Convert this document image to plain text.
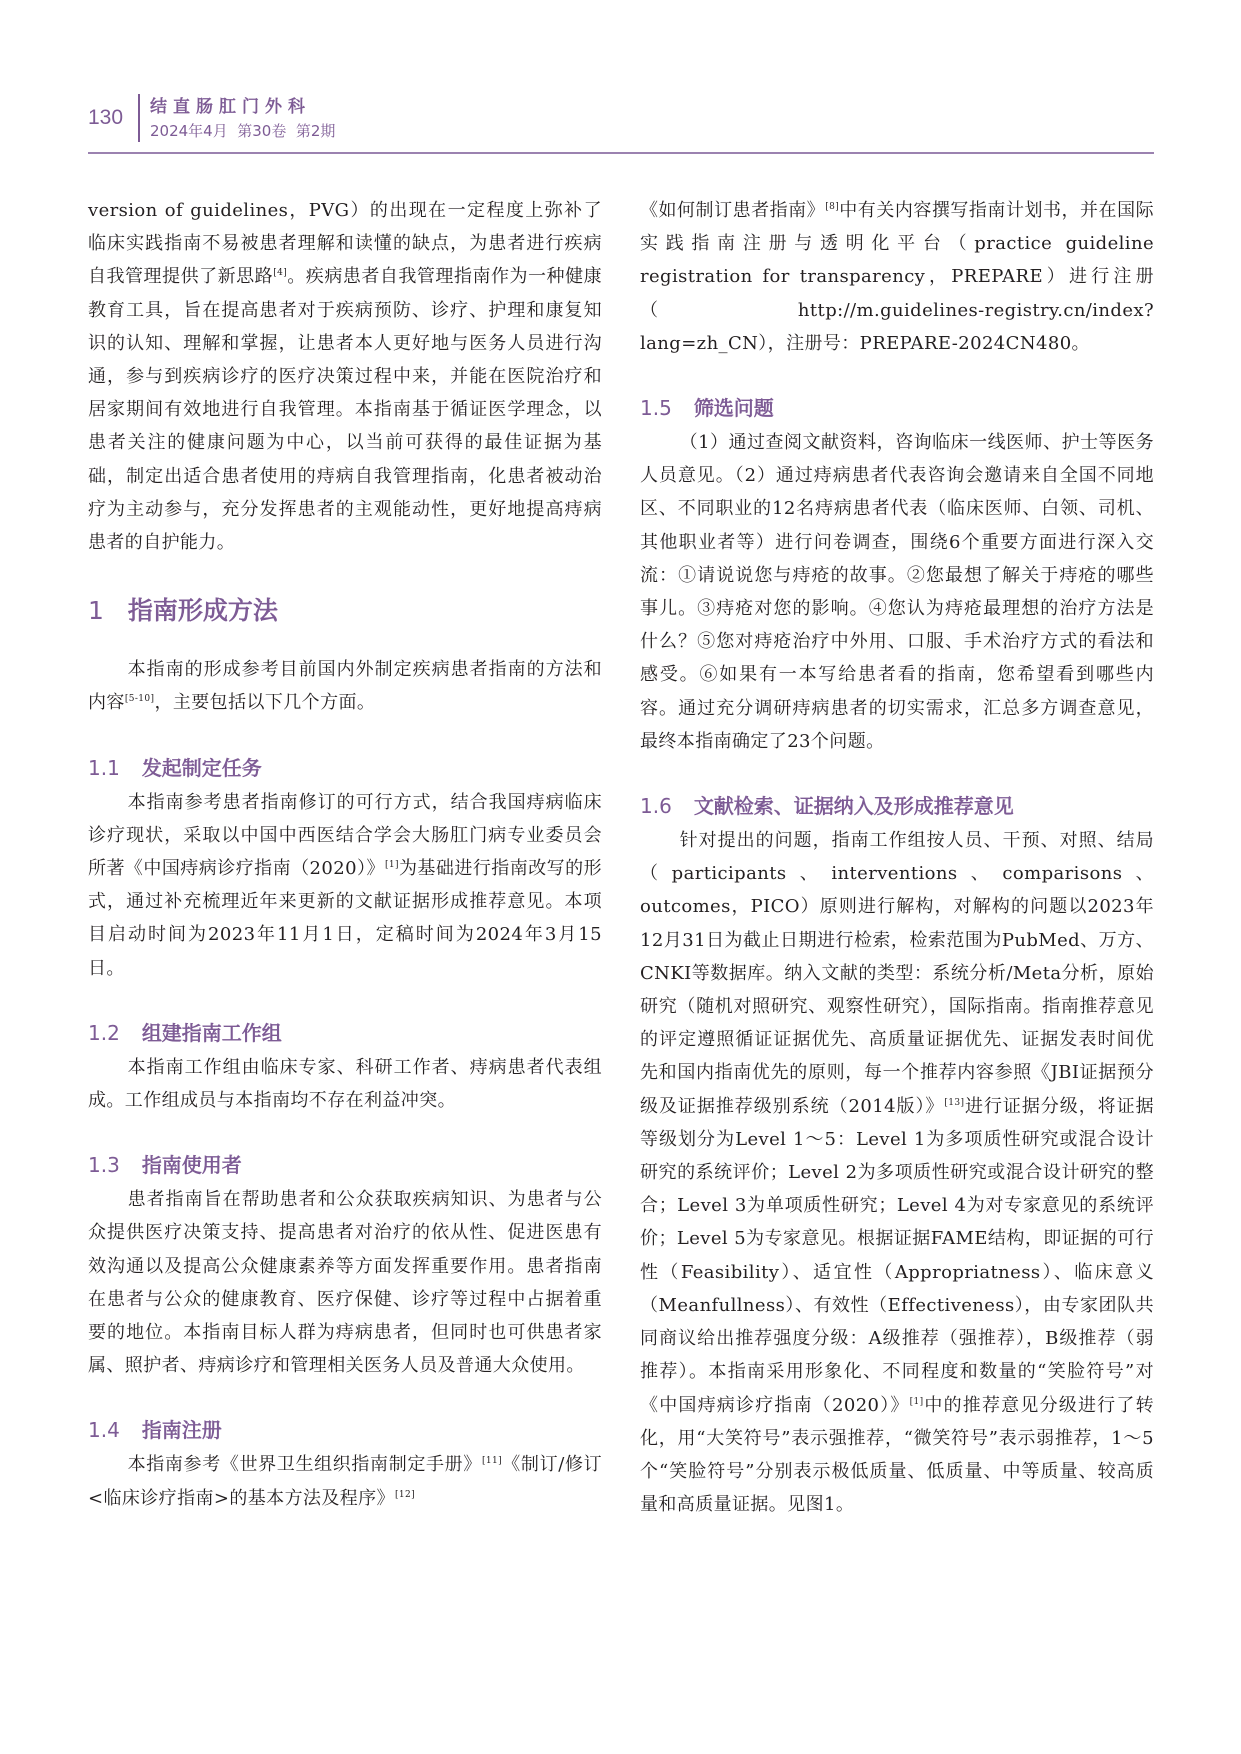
130 结直肠肛门外科
2024年4月  第30卷  第2期

version of guidelines，PVG）的出现在一定程度上弥补了临床实践指南不易被患者理解和读懂的缺点，为患者进行疾病自我管理提供了新思路[4]。疾病患者自我管理指南作为一种健康教育工具，旨在提高患者对于疾病预防、诊疗、护理和康复知识的认知、理解和掌握，让患者本人更好地与医务人员进行沟通，参与到疾病诊疗的医疗决策过程中来，并能在医院治疗和居家期间有效地进行自我管理。本指南基于循证医学理念，以患者关注的健康问题为中心，以当前可获得的最佳证据为基础，制定出适合患者使用的痔病自我管理指南，化患者被动治疗为主动参与，充分发挥患者的主观能动性，更好地提高痔病患者的自护能力。

1 指南形成方法

本指南的形成参考目前国内外制定疾病患者指南的方法和内容[5-10]，主要包括以下几个方面。

1.1 发起制定任务

本指南参考患者指南修订的可行方式，结合我国痔病临床诊疗现状，采取以中国中西医结合学会大肠肛门病专业委员会所著《中国痔病诊疗指南（2020）》[1]为基础进行指南改写的形式，通过补充梳理近年来更新的文献证据形成推荐意见。本项目启动时间为2023年11月1日，定稿时间为2024年3月15日。

1.2 组建指南工作组

本指南工作组由临床专家、科研工作者、痔病患者代表组成。工作组成员与本指南均不存在利益冲突。

1.3 指南使用者

患者指南旨在帮助患者和公众获取疾病知识、为患者与公众提供医疗决策支持、提高患者对治疗的依从性、促进医患有效沟通以及提高公众健康素养等方面发挥重要作用。患者指南在患者与公众的健康教育、医疗保健、诊疗等过程中占据着重要的地位。本指南目标人群为痔病患者，但同时也可供患者家属、照护者、痔病诊疗和管理相关医务人员及普通大众使用。

1.4 指南注册

本指南参考《世界卫生组织指南制定手册》[11]《制订/修订<临床诊疗指南>的基本方法及程序》[12]

《如何制订患者指南》[8]中有关内容撰写指南计划书，并在国际实践指南注册与透明化平台（practice guideline registration for transparency，PREPARE）进行注册（http://m.guidelines-registry.cn/index?lang=zh_CN），注册号：PREPARE-2024CN480。

1.5 筛选问题

（1）通过查阅文献资料，咨询临床一线医师、护士等医务人员意见。（2）通过痔病患者代表咨询会邀请来自全国不同地区、不同职业的12名痔病患者代表（临床医师、白领、司机、其他职业者等）进行问卷调查，围绕6个重要方面进行深入交流：①请说说您与痔疮的故事。②您最想了解关于痔疮的哪些事儿。③痔疮对您的影响。④您认为痔疮最理想的治疗方法是什么？⑤您对痔疮治疗中外用、口服、手术治疗方式的看法和感受。⑥如果有一本写给患者看的指南，您希望看到哪些内容。通过充分调研痔病患者的切实需求，汇总多方调查意见，最终本指南确定了23个问题。

1.6 文献检索、证据纳入及形成推荐意见

针对提出的问题，指南工作组按人员、干预、对照、结局（participants、interventions、comparisons、outcomes，PICO）原则进行解构，对解构的问题以2023年12月31日为截止日期进行检索，检索范围为PubMed、万方、CNKI等数据库。纳入文献的类型：系统分析/Meta分析，原始研究（随机对照研究、观察性研究），国际指南。指南推荐意见的评定遵照循证证据优先、高质量证据优先、证据发表时间优先和国内指南优先的原则，每一个推荐内容参照《JBI证据预分级及证据推荐级别系统（2014版）》[13]进行证据分级，将证据等级划分为Level 1～5：Level 1为多项质性研究或混合设计研究的系统评价；Level 2为多项质性研究或混合设计研究的整合；Level 3为单项质性研究；Level 4为对专家意见的系统评价；Level 5为专家意见。根据证据FAME结构，即证据的可行性（Feasibility）、适宜性（Appropriatness）、临床意义（Meanfullness）、有效性（Effectiveness），由专家团队共同商议给出推荐强度分级：A级推荐（强推荐），B级推荐（弱推荐）。本指南采用形象化、不同程度和数量的“笑脸符号”对《中国痔病诊疗指南（2020）》[1]中的推荐意见分级进行了转化，用“大笑符号”表示强推荐，“微笑符号”表示弱推荐，1～5个“笑脸符号”分别表示极低质量、低质量、中等质量、较高质量和高质量证据。见图1。
